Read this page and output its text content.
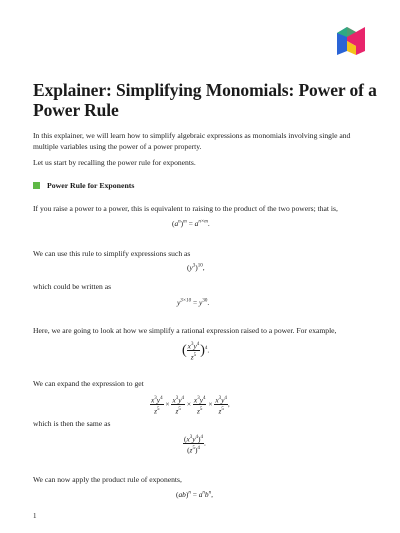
Explainer: Simplifying Monomials: Power of a Power Rule

In this explainer, we will learn how to simplify algebraic expressions as monomials involving single and multiple variables using the power of a power property.

Let us start by recalling the power rule for exponents.

Power Rule for Exponents

If you raise a power to a power, this is equivalent to raising to the product of the two powers; that is,

$(a^n)^m = a^{n\times m}$.

We can use this rule to simplify expressions such as

$(y^3)^{10}$,

which could be written as

$y^{3\times 10} = y^{30}$.

Here, we are going to look at how we simplify a rational expression raised to a power. For example,

( $\frac{x^3y^4}{z^5} )^4$.

We can expand the expression to get

$\frac{x^3y^4}{z^5} \times \frac{x^3y^4}{z^5} \times \frac{x^3y^4}{z^5} \times \frac{x^3y^4}{z^5}$ ,

which is then the same as

$\frac{(x^3y^4)^4}{(z^5)^4}$ .

We can now apply the product rule of exponents,

$(ab)^n = a^nb^n$,
1
